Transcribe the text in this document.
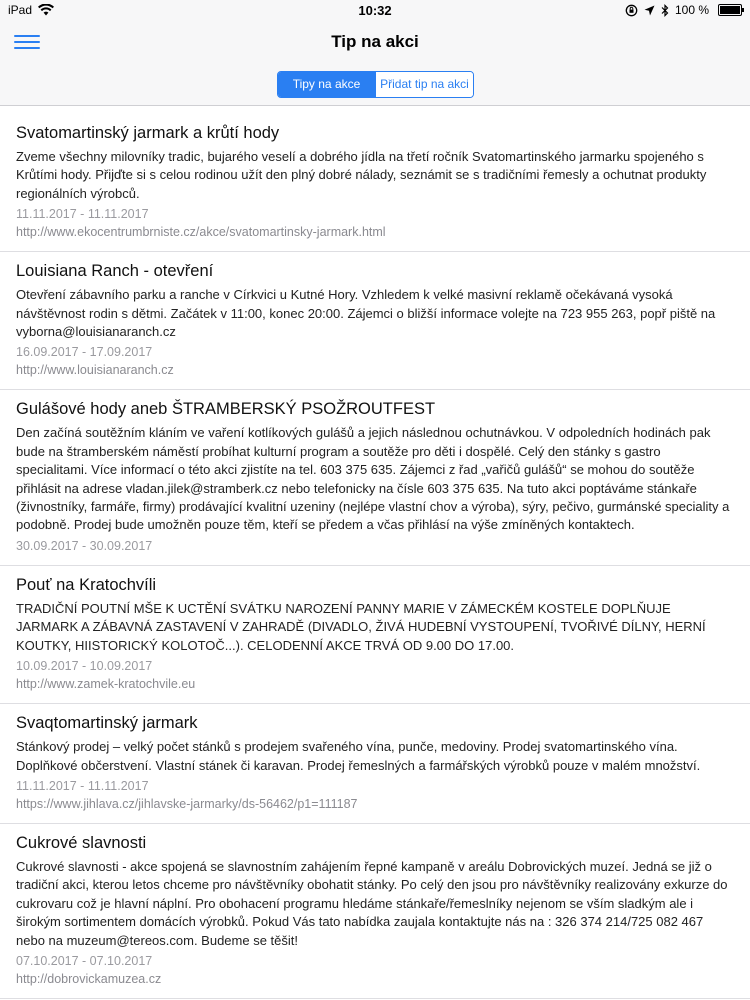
iPad	10:32	100 %
Tip na akci
Tipy na akce	Přidat tip na akci
Svatomartinský jarmark a krůtí hody
Zveme všechny milovníky tradic, bujarého veselí a dobrého jídla na třetí ročník Svatomartinského jarmarku spojeného s Krůtími hody. Přijďte si s celou rodinou užít den plný dobré nálady, seznámit se s tradičními řemesly a ochutnat produkty regionálních výrobců.
11.11.2017 - 11.11.2017
http://www.ekocentrumbrniste.cz/akce/svatomartinsky-jarmark.html
Louisiana Ranch - otevření
Otevření zábavního parku a ranche v Církvici u Kutné Hory. Vzhledem k velké masivní reklamě očekávaná vysoká návštěvnost rodin s dětmi. Začátek v 11:00, konec 20:00. Zájemci o bližší informace volejte na 723 955 263, popř piště na vyborna@louisianaranch.cz
16.09.2017 - 17.09.2017
http://www.louisianaranch.cz
Gulášové hody aneb ŠTRAMBERSKÝ PSOŽROUTFEST
Den začíná soutěžním kláním ve vaření kotlíkových gulášů a jejich následnou ochutnávkou. V odpoledních hodinách pak bude na štramberském náměstí probíhat kulturní program a soutěže pro děti i dospělé. Celý den stánky s gastro specialitami. Více informací o této akci zjistíte na tel. 603 375 635. Zájemci z řad „vařičů gulášů“ se mohou do soutěže přihlásit na adrese vladan.jilek@stramberk.cz nebo telefonicky na čísle 603 375 635. Na tuto akci poptáváme stánkaře (živnostníky, farmáře, firmy) prodávající kvalitní uzeniny (nejlépe vlastní chov a výroba), sýry, pečivo, gurmánské speciality a podobně. Prodej bude umožněn pouze těm, kteří se předem a včas přihlásí na výše zmíněných kontaktech.
30.09.2017 - 30.09.2017
Pouť na Kratochvíli
TRADIČNÍ POUTNÍ MŠE K UCTĚNÍ SVÁTKU NAROZENÍ PANNY MARIE V ZÁMECKÉM KOSTELE DOPLŇUJE JARMARK A ZÁBAVNÁ ZASTAVENÍ V ZAHRADĚ (DIVADLO, ŽIVÁ HUDEBNÍ VYSTOUPENÍ, TVOŘIVÉ DÍLNY, HERNÍ KOUTKY, HIISTORICKÝ KOLOTOČ...). CELODENNÍ AKCE TRVÁ OD 9.00 DO 17.00.
10.09.2017 - 10.09.2017
http://www.zamek-kratochvile.eu
Svaqtomartinský jarmark
Stánkový prodej – velký počet stánků s prodejem svařeného vína, punče, medoviny. Prodej svatomartinského vína. Doplňkové občerstvení. Vlastní stánek či karavan. Prodej řemeslných a farmářských výrobků pouze v malém množství.
11.11.2017 - 11.11.2017
https://www.jihlava.cz/jihlavske-jarmarky/ds-56462/p1=111187
Cukrové slavnosti
Cukrové slavnosti - akce spojená se slavnostním zahájením řepné kampaně v areálu Dobrovických muzeí. Jedná se již o tradiční akci, kterou letos chceme pro návštěvníky obohatit stánky. Po celý den jsou pro návštěvníky realizovány exkurze do cukrovaru což je hlavní náplní. Pro obohacení programu hledáme stánkaře/řemeslníky nejenom se vším sladkým ale i širokým sortimentem domácích výrobků. Pokud Vás tato nabídka zaujala kontaktujte nás na : 326 374 214/725 082 467 nebo na muzeum@tereos.com. Budeme se těšit!
07.10.2017 - 07.10.2017
http://dobrovickamuzea.cz
